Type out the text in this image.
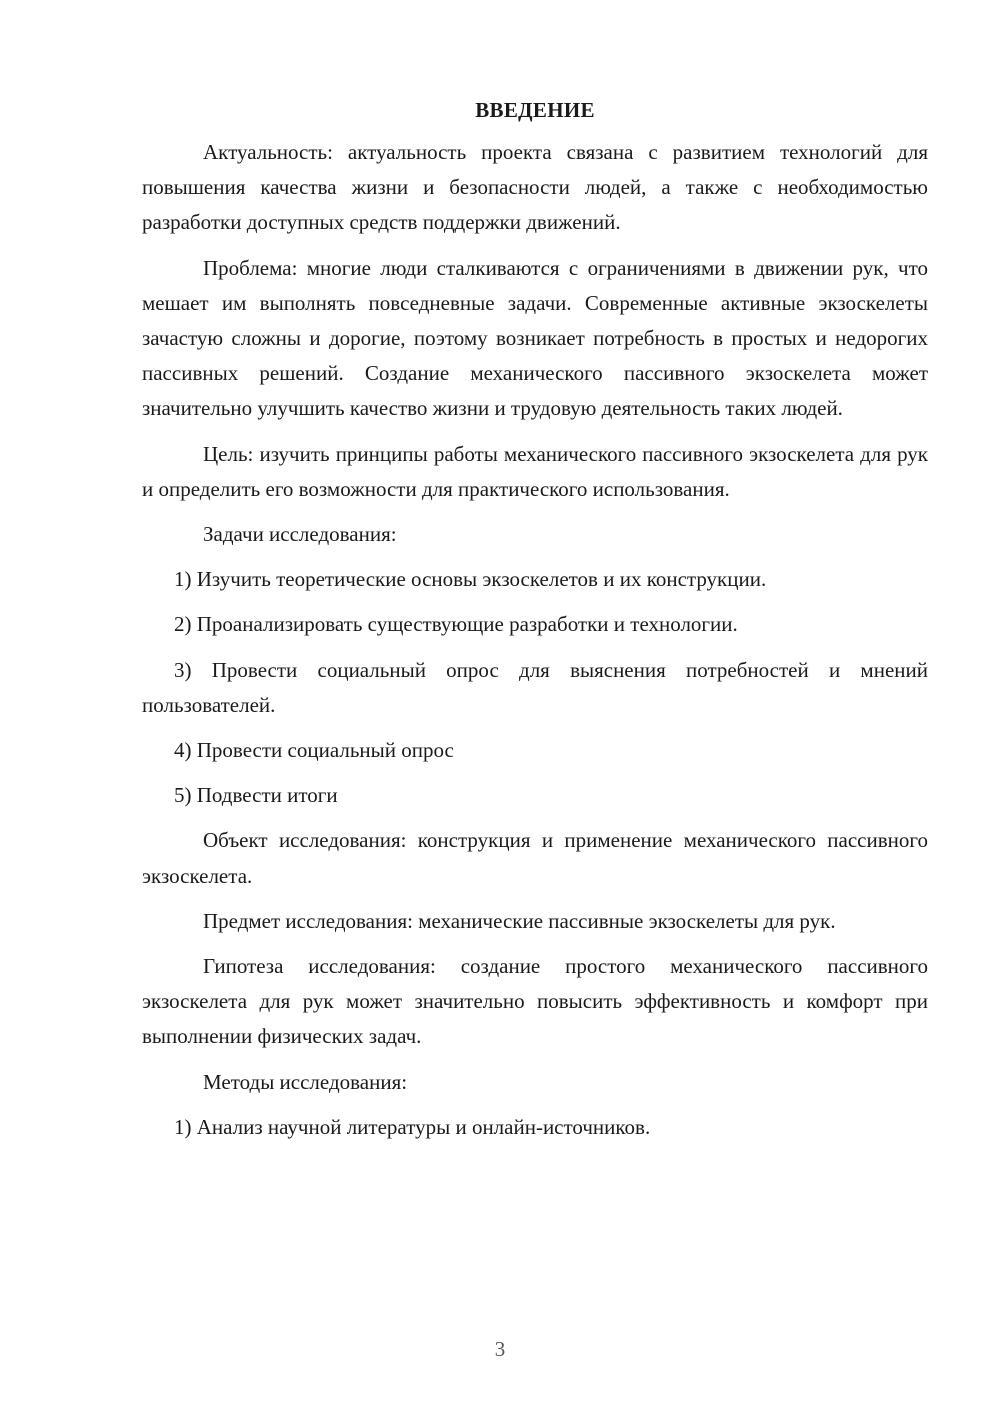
ВВЕДЕНИЕ

Актуальность: актуальность проекта связана с развитием технологий для повышения качества жизни и безопасности людей, а также с необходимостью разработки доступных средств поддержки движений.

Проблема: многие люди сталкиваются с ограничениями в движении рук, что мешает им выполнять повседневные задачи. Современные активные экзоскелеты зачастую сложны и дорогие, поэтому возникает потребность в простых и недорогих пассивных решений. Создание механического пассивного экзоскелета может значительно улучшить качество жизни и трудовую деятельность таких людей.

Цель: изучить принципы работы механического пассивного экзоскелета для рук и определить его возможности для практического использования.

Задачи исследования:

1) Изучить теоретические основы экзоскелетов и их конструкции.

2) Проанализировать существующие разработки и технологии.

3) Провести социальный опрос для выяснения потребностей и мнений пользователей.

4) Провести социальный опрос

5) Подвести итоги

Объект исследования: конструкция и применение механического пассивного экзоскелета.

Предмет исследования: механические пассивные экзоскелеты для рук.

Гипотеза исследования: создание простого механического пассивного экзоскелета для рук может значительно повысить эффективность и комфорт при выполнении физических задач.

Методы исследования:

1) Анализ научной литературы и онлайн-источников.

3
